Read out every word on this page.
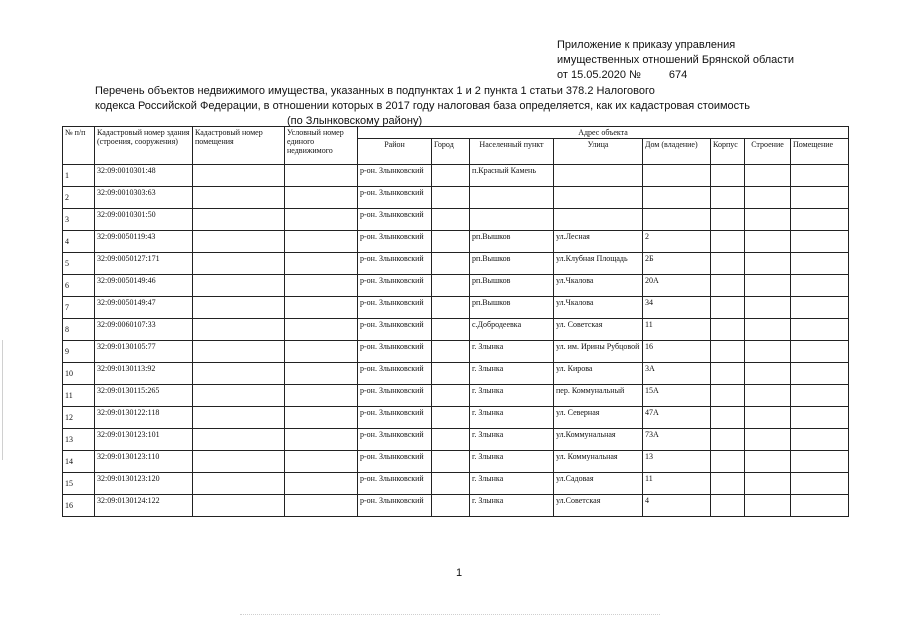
Приложение к приказу управления
имущественных отношений Брянской области
от 15.05.2020 №	674
Перечень объектов недвижимого имущества, указанных в подпунктах 1 и 2 пункта 1 статьи 378.2 Налогового
кодекса Российской Федерации, в отношении которых в 2017 году налоговая база определяется, как их кадастровая стоимость
(по Злынковскому району)
№ п/п	Кадастровый номер здания (строения, сооружения)	Кадастровый номер помещения	Условный номер единого недвижимого	Адрес объекта							
				Район	Город	Населенный пункт	Улица	Дом (владение)	Корпус	Строение	Помещение
1	32:09:0010301:48			р-он. Злынковский		п.Красный Камень					
2	32:09:0010303:63			р-он. Злынковский							
3	32:09:0010301:50			р-он. Злынковский							
4	32:09:0050119:43			р-он. Злынковский		рп.Вышков	ул.Лесная	2			
5	32:09:0050127:171			р-он. Злынковский		рп.Вышков	ул.Клубная Площадь	2Б			
6	32:09:0050149:46			р-он. Злынковский		рп.Вышков	ул.Чкалова	20А			
7	32:09:0050149:47			р-он. Злынковский		рп.Вышков	ул.Чкалова	34			
8	32:09:0060107:33			р-он. Злынковский		с.Добродеевка	ул. Советская	11			
9	32:09:0130105:77			р-он. Злынковский		г. Злынка	ул. им. Ирины Рубцовой	16			
10	32:09:0130113:92			р-он. Злынковский		г. Злынка	ул. Кирова	3А			
11	32:09:0130115:265			р-он. Злынковский		г. Злынка	пер. Коммунальный	15А			
12	32:09:0130122:118			р-он. Злынковский		г. Злынка	ул. Северная	47А			
13	32:09:0130123:101			р-он. Злынковский		г. Злынка	ул.Коммунальная	73А			
14	32:09:0130123:110			р-он. Злынковский		г. Злынка	ул. Коммунальная	13			
15	32:09:0130123:120			р-он. Злынковский		г. Злынка	ул.Садовая	11			
16	32:09:0130124:122			р-он. Злынковский		г. Злынка	ул.Советская	4			
1
